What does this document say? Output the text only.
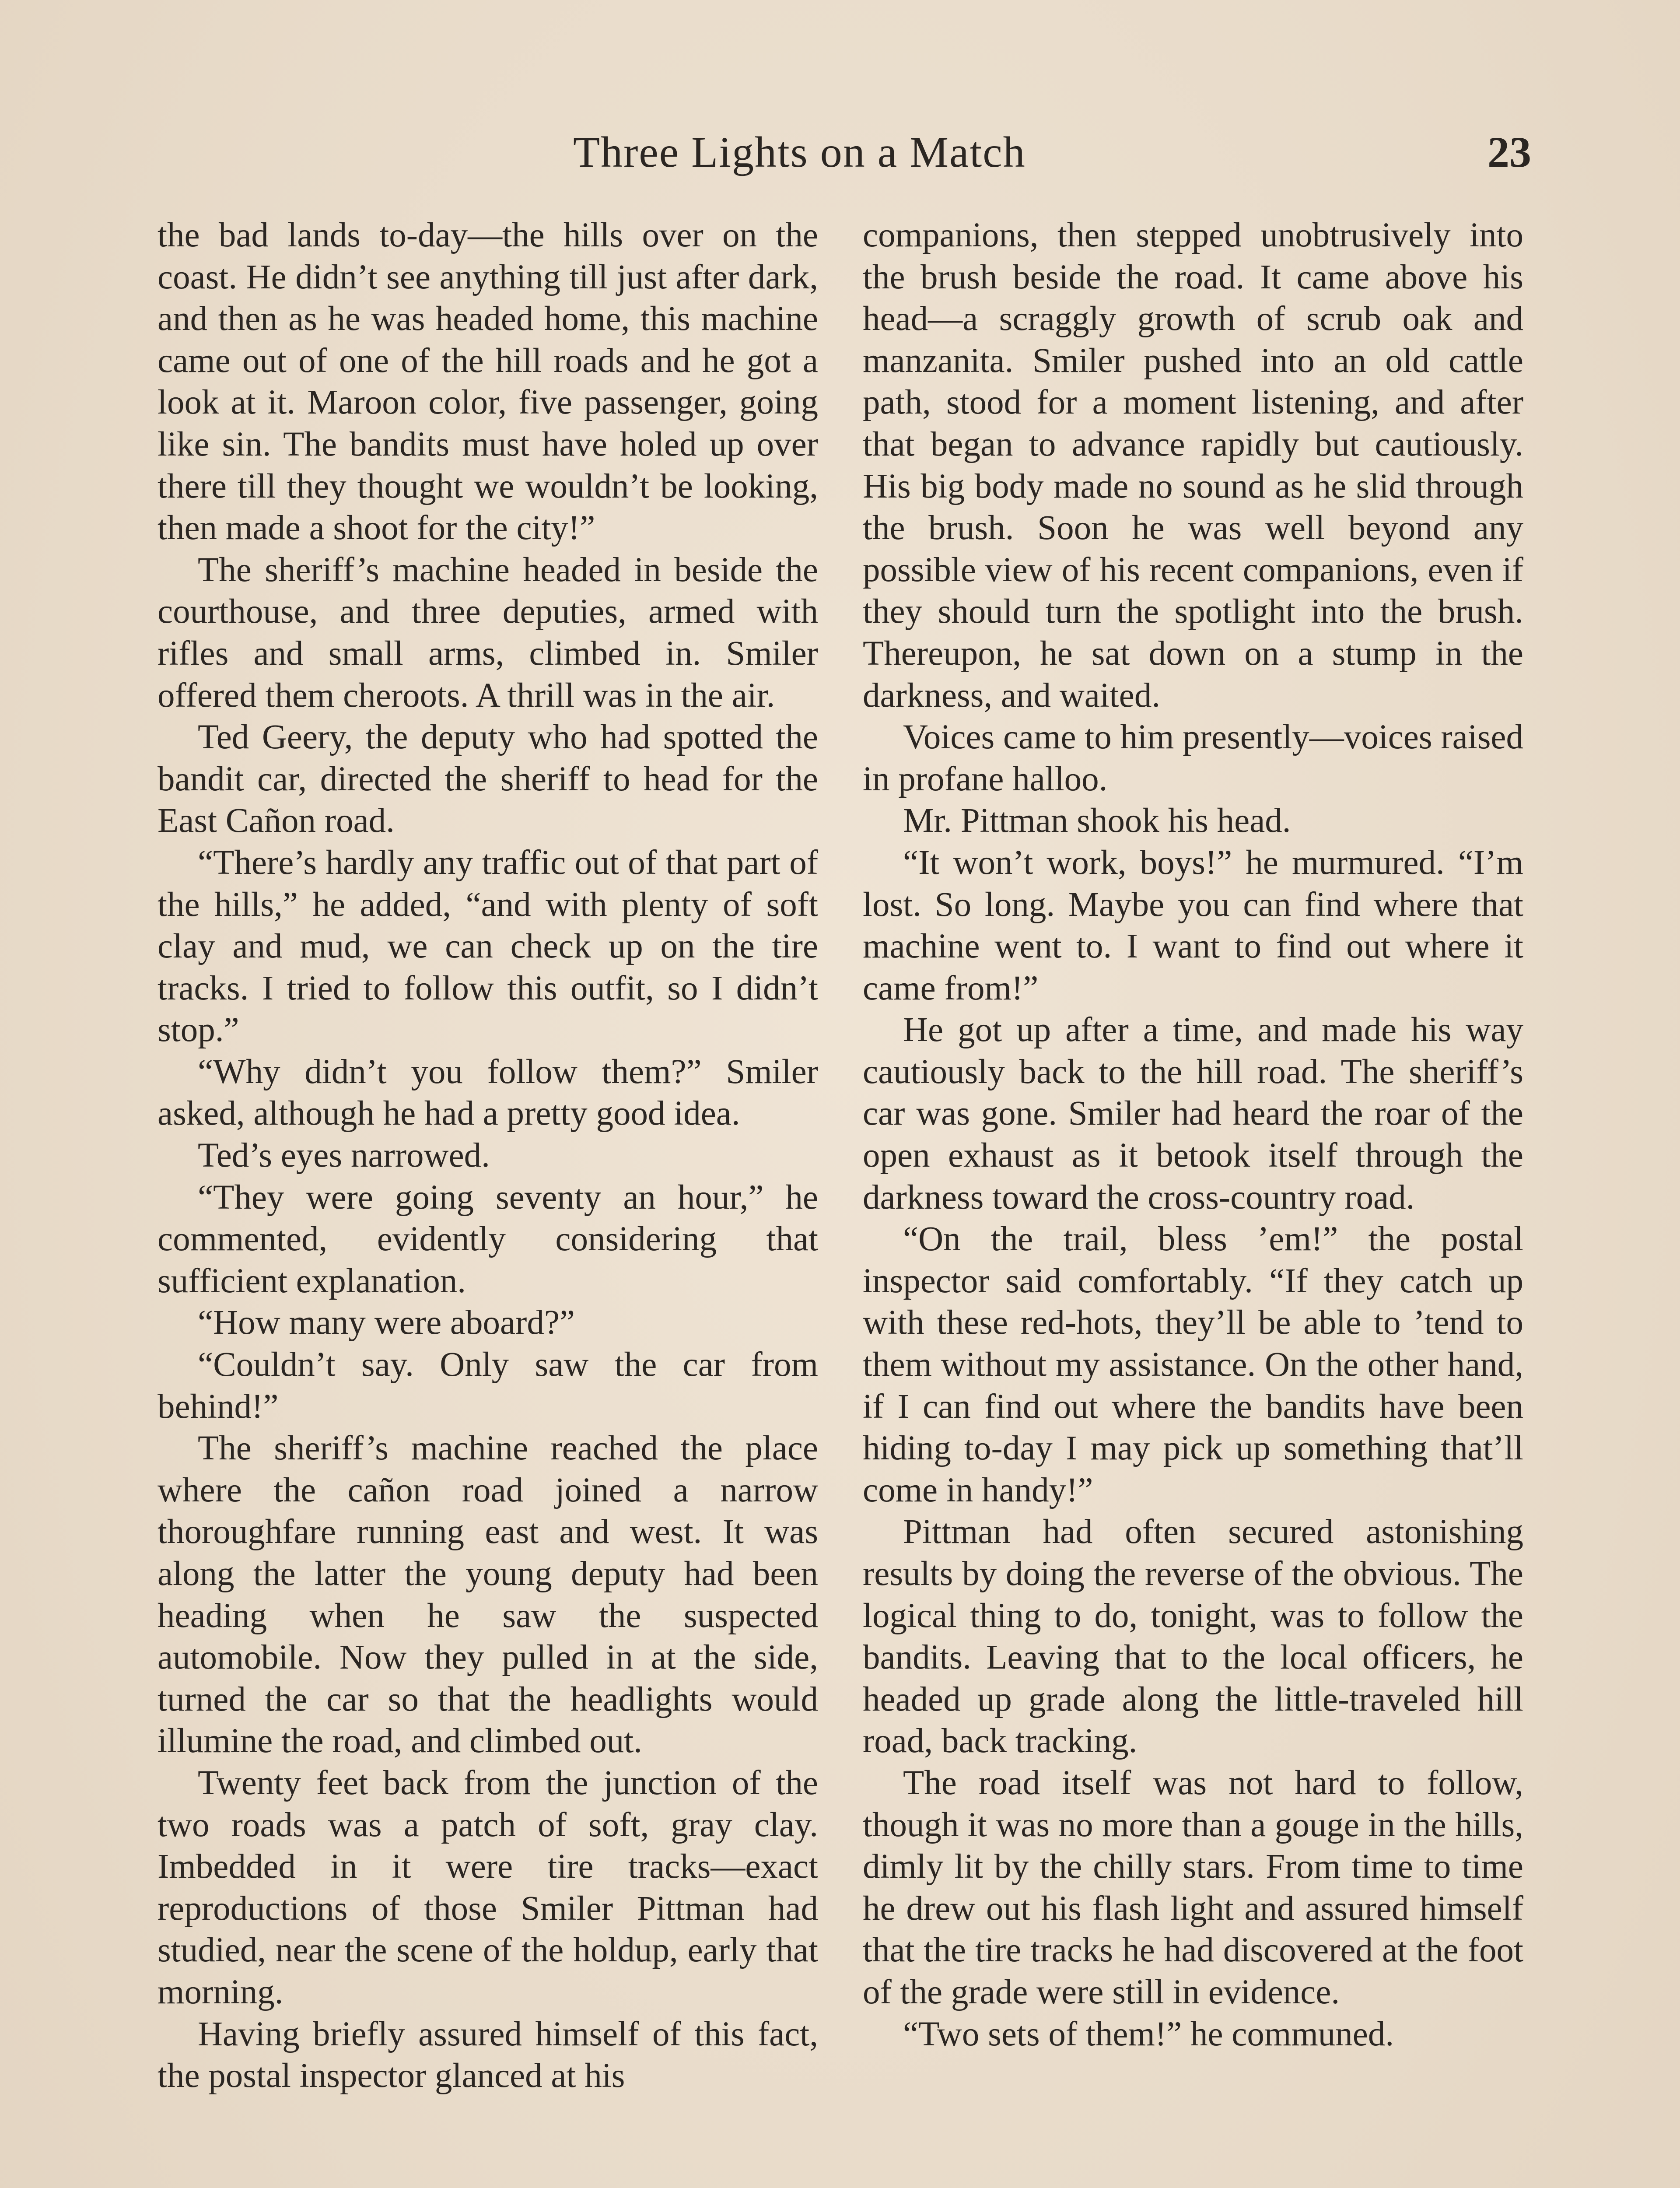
Three Lights on a Match	23

the bad lands to-day—the hills over on the coast. He didn’t see anything till just after dark, and then as he was headed home, this machine came out of one of the hill roads and he got a look at it. Maroon color, five passenger, going like sin. The bandits must have holed up over there till they thought we wouldn’t be looking, then made a shoot for the city!”

The sheriff’s machine headed in beside the courthouse, and three deputies, armed with rifles and small arms, climbed in. Smiler offered them cheroots. A thrill was in the air.

Ted Geery, the deputy who had spotted the bandit car, directed the sheriff to head for the East Cañon road.

“There’s hardly any traffic out of that part of the hills,” he added, “and with plenty of soft clay and mud, we can check up on the tire tracks. I tried to follow this outfit, so I didn’t stop.”

“Why didn’t you follow them?” Smiler asked, although he had a pretty good idea.

Ted’s eyes narrowed.

“They were going seventy an hour,” he commented, evidently considering that sufficient explanation.

“How many were aboard?”

“Couldn’t say. Only saw the car from behind!”

The sheriff’s machine reached the place where the cañon road joined a narrow thoroughfare running east and west. It was along the latter the young deputy had been heading when he saw the suspected automobile. Now they pulled in at the side, turned the car so that the headlights would illumine the road, and climbed out.

Twenty feet back from the junction of the two roads was a patch of soft, gray clay. Imbedded in it were tire tracks—exact reproductions of those Smiler Pittman had studied, near the scene of the holdup, early that morning.

Having briefly assured himself of this fact, the postal inspector glanced at his

companions, then stepped unobtrusively into the brush beside the road. It came above his head—a scraggly growth of scrub oak and manzanita. Smiler pushed into an old cattle path, stood for a moment listening, and after that began to advance rapidly but cautiously. His big body made no sound as he slid through the brush. Soon he was well beyond any possible view of his recent companions, even if they should turn the spotlight into the brush. Thereupon, he sat down on a stump in the darkness, and waited.

Voices came to him presently—voices raised in profane halloo.

Mr. Pittman shook his head.

“It won’t work, boys!” he murmured. “I’m lost. So long. Maybe you can find where that machine went to. I want to find out where it came from!”

He got up after a time, and made his way cautiously back to the hill road. The sheriff’s car was gone. Smiler had heard the roar of the open exhaust as it betook itself through the darkness toward the cross-country road.

“On the trail, bless ’em!” the postal inspector said comfortably. “If they catch up with these red-hots, they’ll be able to ’tend to them without my assistance. On the other hand, if I can find out where the bandits have been hiding to-day I may pick up something that’ll come in handy!”

Pittman had often secured astonishing results by doing the reverse of the obvious. The logical thing to do, tonight, was to follow the bandits. Leaving that to the local officers, he headed up grade along the little-traveled hill road, back tracking.

The road itself was not hard to follow, though it was no more than a gouge in the hills, dimly lit by the chilly stars. From time to time he drew out his flash light and assured himself that the tire tracks he had discovered at the foot of the grade were still in evidence.

“Two sets of them!” he communed.
